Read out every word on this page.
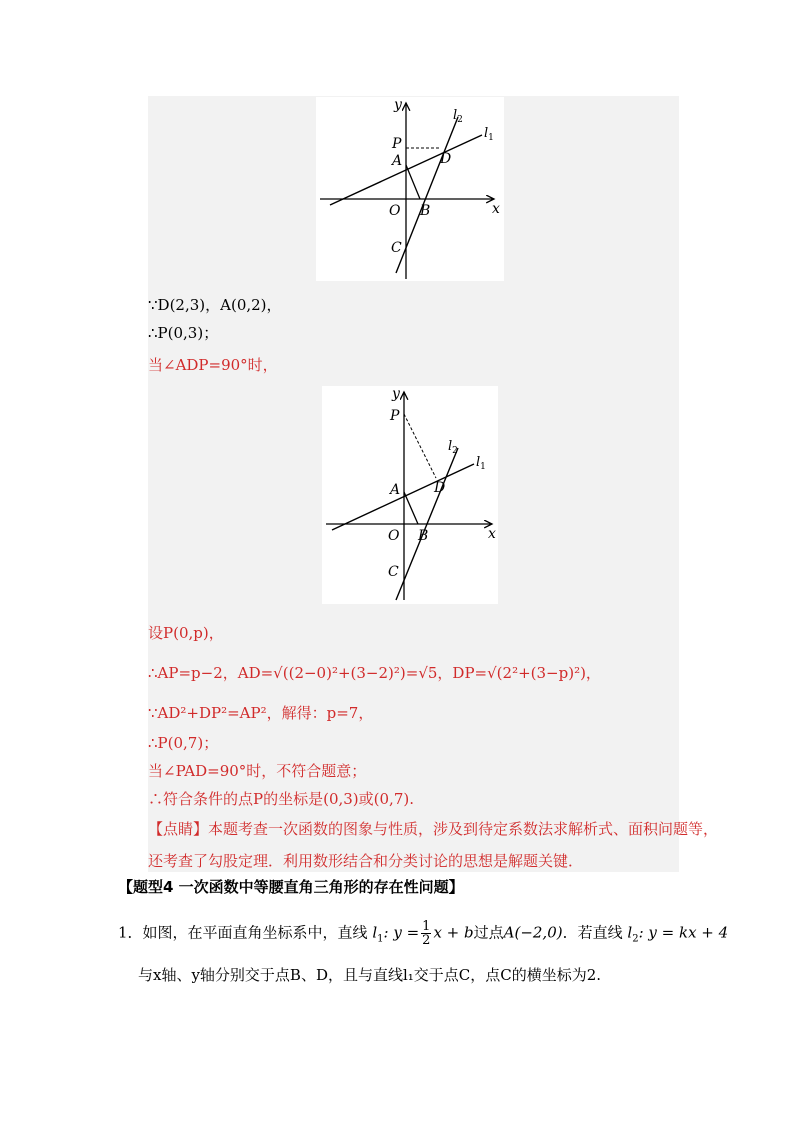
y
x
O
A
B
C
D
P
$l_2$
$l_1$
∵D(2,3)，A(0,2)，
∴P(0,3)；
当∠ADP=90°时，
y
x
O
A
B
C
D
P
$l_2$
$l_1$
设P(0,p)，
∴AP=p−2，AD=√((2−0)²+(3−2)²)=√5，DP=√(2²+(3−p)²)，
∵AD²+DP²=AP²，解得：p=7，
∴P(0,7)；
当∠PAD=90°时，不符合题意；
∴符合条件的点P的坐标是(0,3)或(0,7).
【点睛】本题考查一次函数的图象与性质，涉及到待定系数法求解析式、面积问题等，
还考查了勾股定理．利用数形结合和分类讨论的思想是解题关键．
【题型4 一次函数中等腰直角三角形的存在性问题】
1．如图，在平面直角坐标系中，直线 $l_1$: $y = \frac{1}{2}$ x + b过点A(−2,0)．若直线 $l_2$: y = kx + 4
与x轴、y轴分别交于点B、D，且与直线l₁交于点C，点C的横坐标为2.
